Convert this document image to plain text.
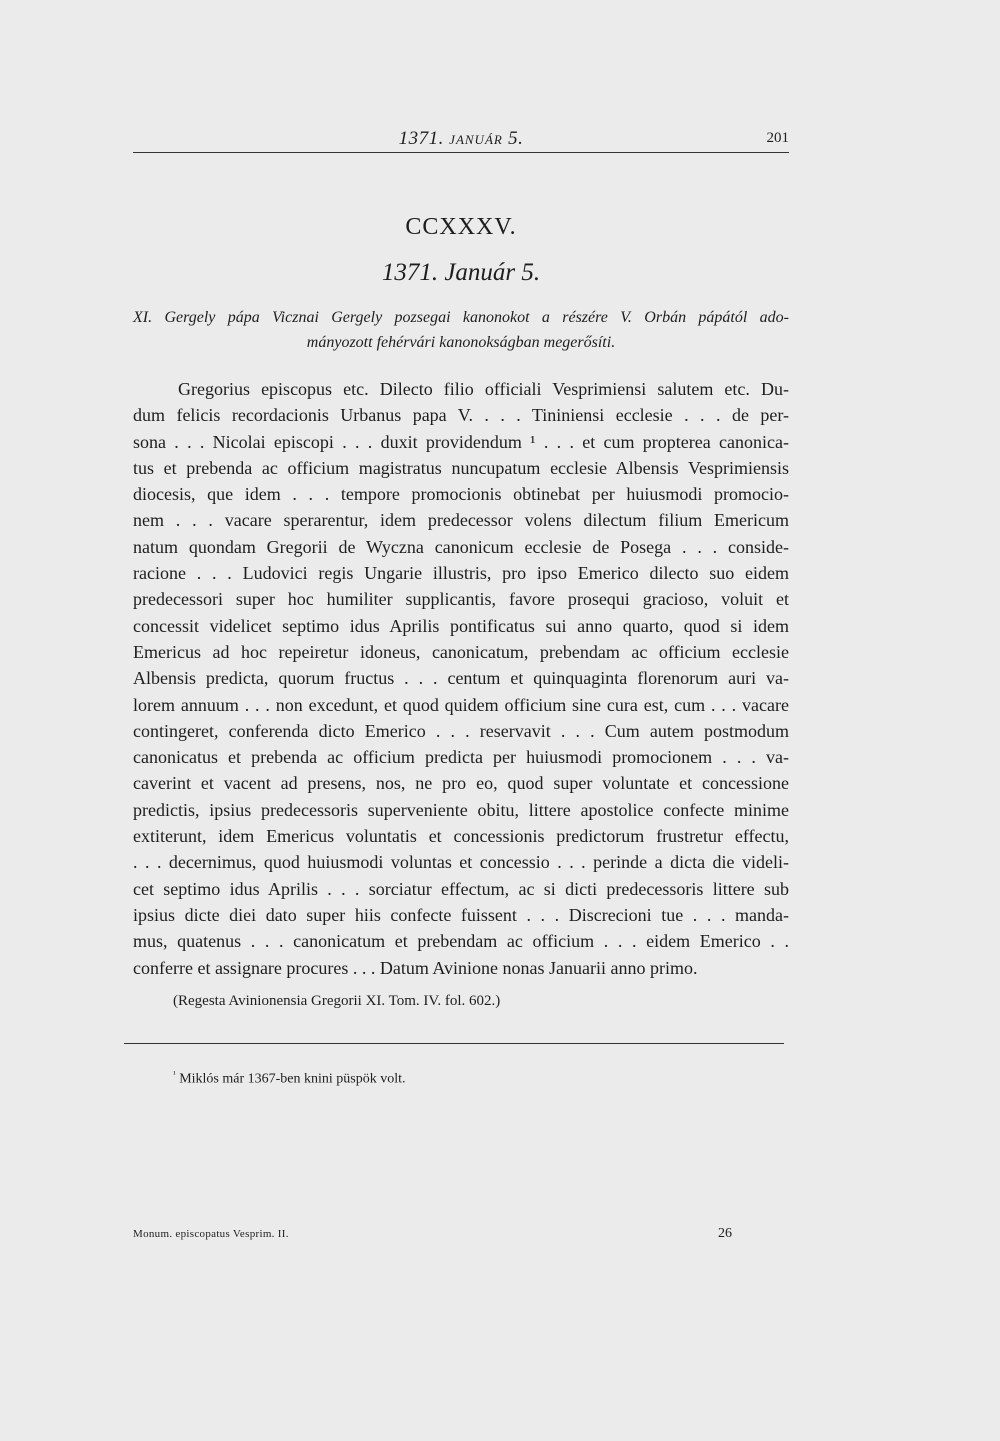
1371. JANUÁR 5.	201
CCXXXV.
1371. Január 5.
XI. Gergely pápa Vicznai Gergely pozsegai kanonokot a részére V. Orbán pápától ado-
mányozott fehérvári kanonokságban megerősíti.
Gregorius episcopus etc. Dilecto filio officiali Vesprimiensi salutem etc. Du-
dum felicis recordacionis Urbanus papa V. . . . Tininiensi ecclesie . . . de per-
sona . . . Nicolai episcopi . . . duxit providendum ¹ . . . et cum propterea canonica-
tus et prebenda ac officium magistratus nuncupatum ecclesie Albensis Vesprimiensis
diocesis, que idem . . . tempore promocionis obtinebat per huiusmodi promocio-
nem . . . vacare sperarentur, idem predecessor volens dilectum filium Emericum
natum quondam Gregorii de Wyczna canonicum ecclesie de Posega . . . conside-
racione . . . Ludovici regis Ungarie illustris, pro ipso Emerico dilecto suo eidem
predecessori super hoc humiliter supplicantis, favore prosequi gracioso, voluit et
concessit videlicet septimo idus Aprilis pontificatus sui anno quarto, quod si idem
Emericus ad hoc repeiretur idoneus, canonicatum, prebendam ac officium ecclesie
Albensis predicta, quorum fructus . . . centum et quinquaginta florenorum auri va-
lorem annuum . . . non excedunt, et quod quidem officium sine cura est, cum . . . vacare
contingeret, conferenda dicto Emerico . . . reservavit . . . Cum autem postmodum
canonicatus et prebenda ac officium predicta per huiusmodi promocionem . . . va-
caverint et vacent ad presens, nos, ne pro eo, quod super voluntate et concessione
predictis, ipsius predecessoris superveniente obitu, littere apostolice confecte minime
extiterunt, idem Emericus voluntatis et concessionis predictorum frustretur effectu,
. . . decernimus, quod huiusmodi voluntas et concessio . . . perinde a dicta die videli-
cet septimo idus Aprilis . . . sorciatur effectum, ac si dicti predecessoris littere sub
ipsius dicte diei dato super hiis confecte fuissent . . . Discrecioni tue . . . manda-
mus, quatenus . . . canonicatum et prebendam ac officium . . . eidem Emerico . .
conferre et assignare procures . . . Datum Avinione nonas Januarii anno primo.
(Regesta Avinionensia Gregorii XI. Tom. IV. fol. 602.)
$^{^1}$ Miklós már 1367-ben knini püspök volt.
Monum. episcopatus Vesprim. II.	26
